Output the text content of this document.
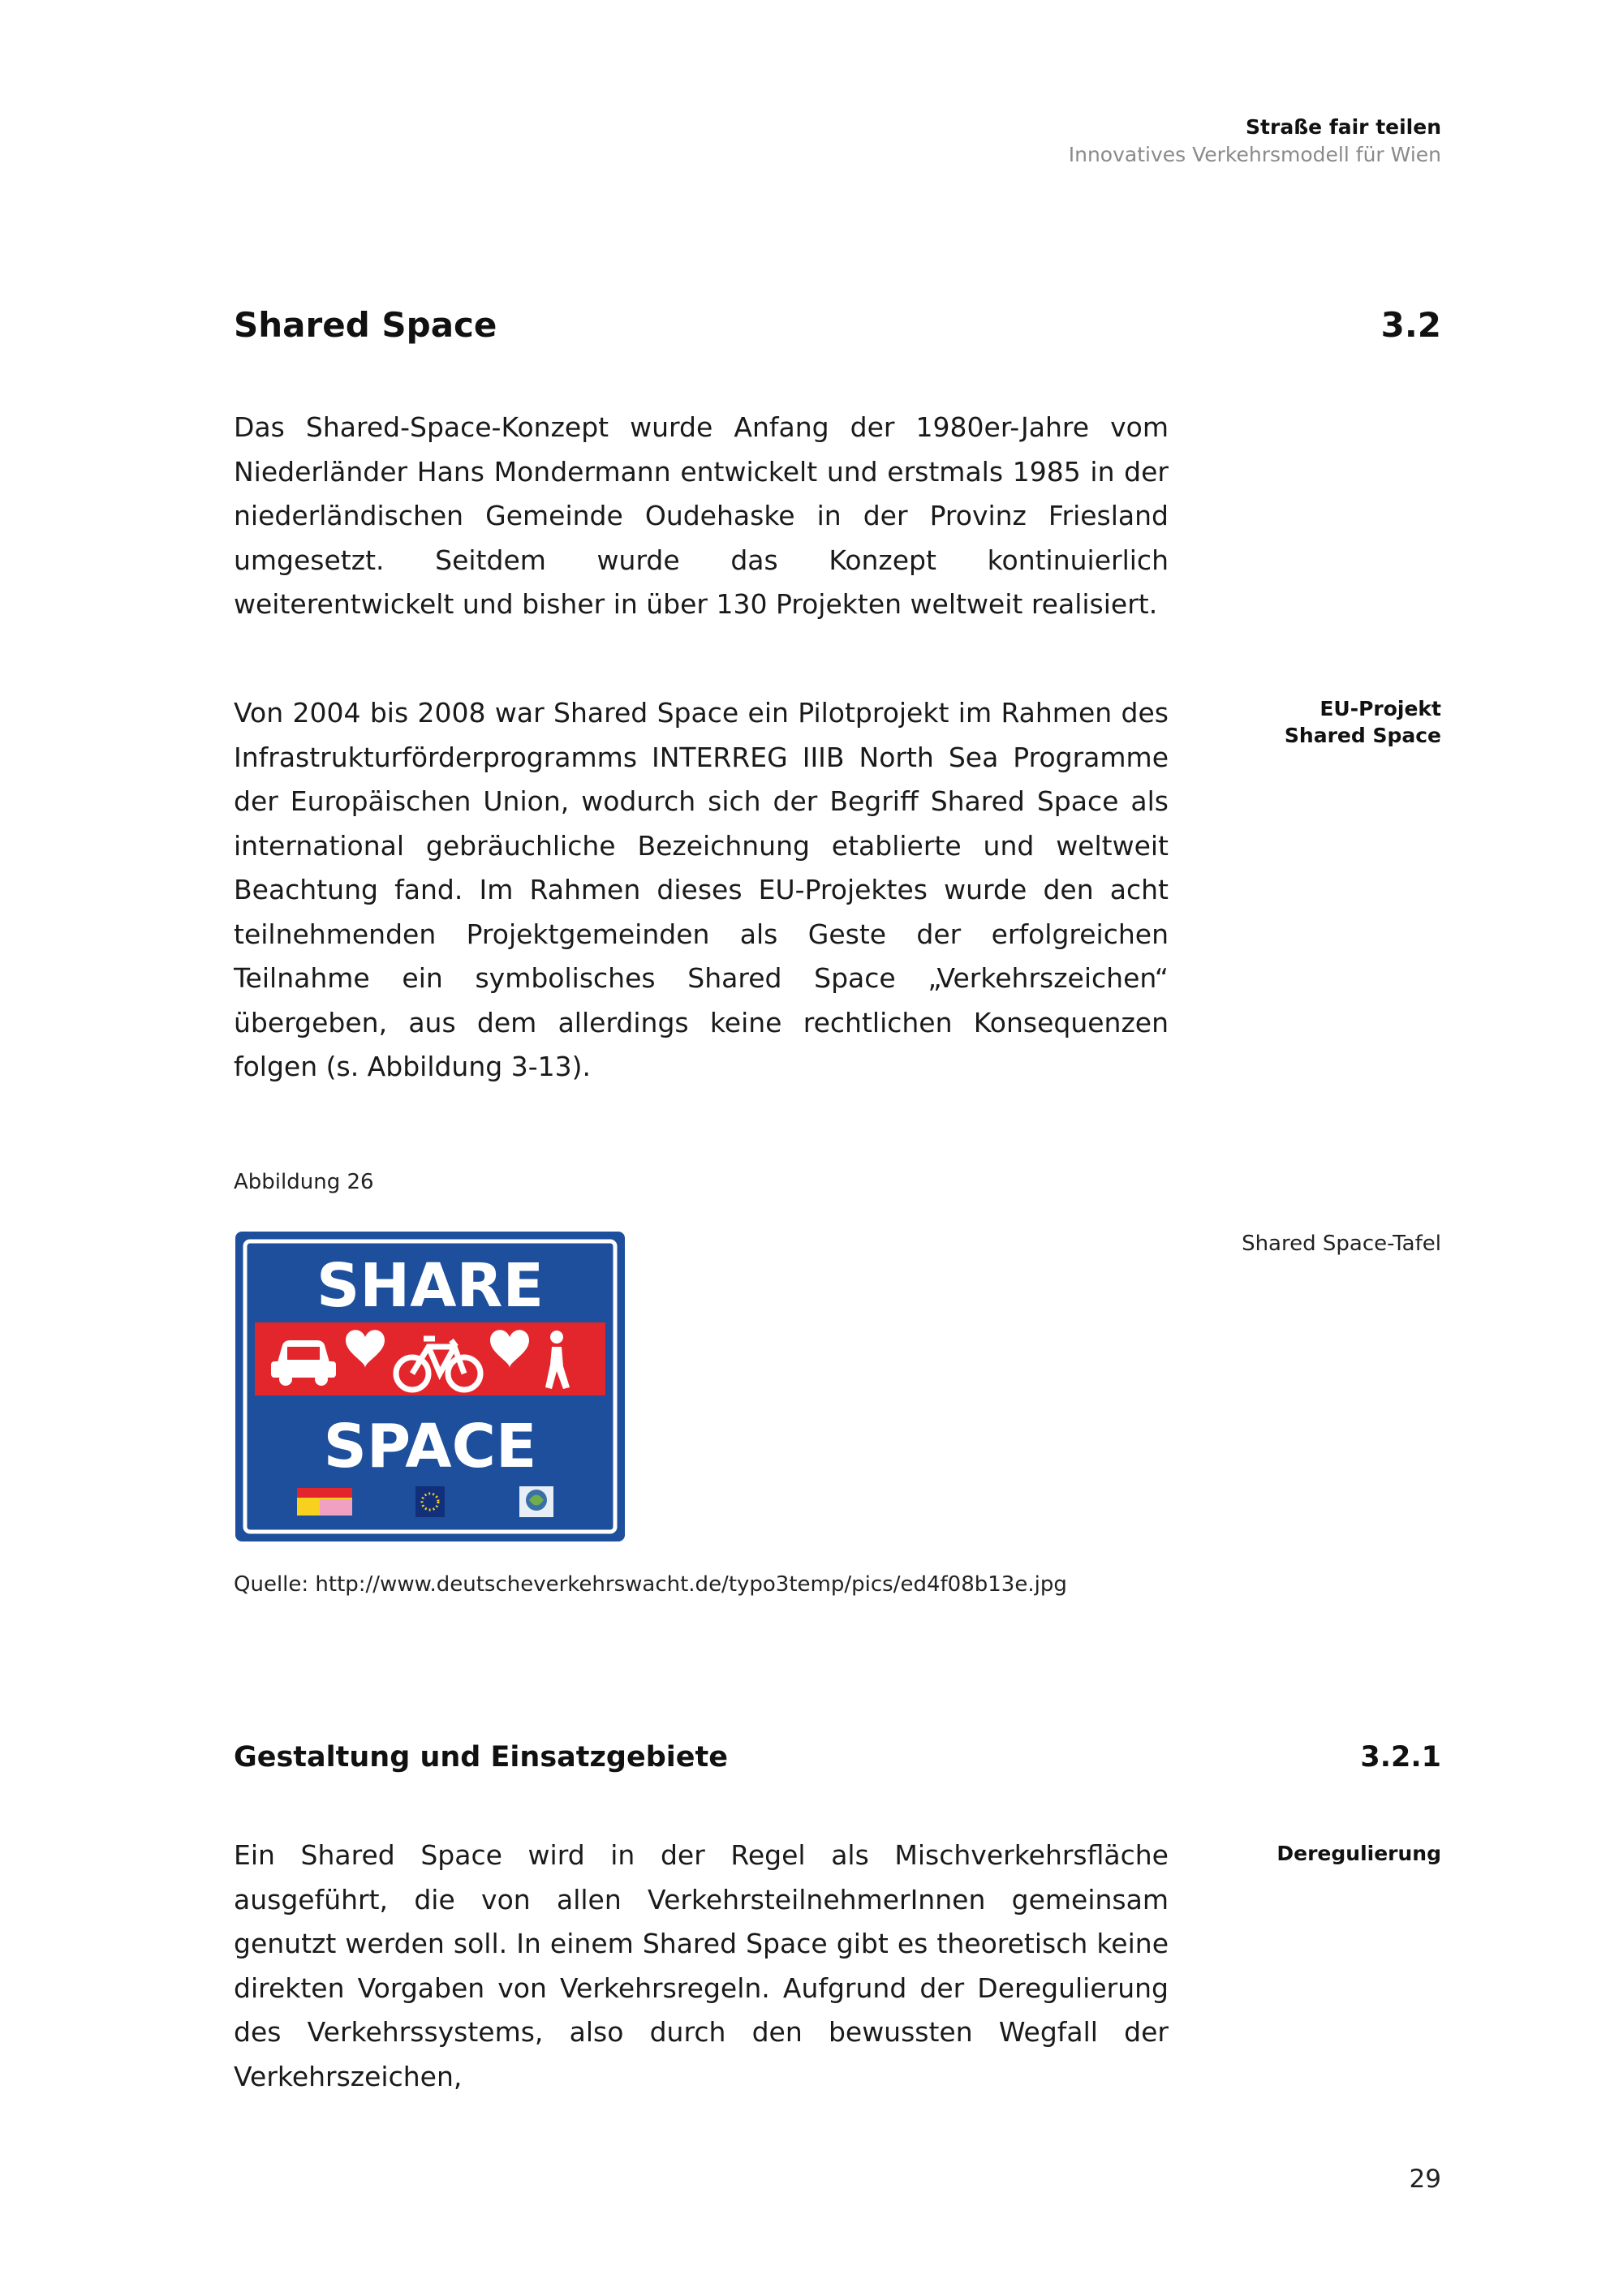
Straße fair teilen
Innovatives Verkehrsmodell für Wien
Shared Space	3.2

Das Shared-Space-Konzept wurde Anfang der 1980er-Jahre vom Niederländer Hans Mondermann entwickelt und erstmals 1985 in der niederländischen Gemeinde Oudehaske in der Provinz Friesland umgesetzt. Seitdem wurde das Konzept kontinuierlich weiterentwickelt und bisher in über 130 Projekten weltweit realisiert.

Von 2004 bis 2008 war Shared Space ein Pilotprojekt im Rahmen des Infrastrukturförderprogramms INTERREG IIIB North Sea Programme der Europäischen Union, wodurch sich der Begriff Shared Space als international gebräuchliche Bezeichnung etablierte und weltweit Beachtung fand. Im Rahmen dieses EU-Projektes wurde den acht teilnehmenden Projektgemeinden als Geste der erfolgreichen Teilnahme ein symbolisches Shared Space „Verkehrszeichen“ übergeben, aus dem allerdings keine rechtlichen Konsequenzen folgen (s. Abbildung 3-13).

EU-Projekt
Shared Space
Abbildung 26
Shared Space-Tafel
SHARE
SPACE
Quelle: http://www.deutscheverkehrswacht.de/typo3temp/pics/ed4f08b13e.jpg
Gestaltung und Einsatzgebiete	3.2.1

Ein Shared Space wird in der Regel als Mischverkehrsfläche ausgeführt, die von allen VerkehrsteilnehmerInnen gemeinsam genutzt werden soll. In einem Shared Space gibt es theoretisch keine direkten Vorgaben von Verkehrsregeln. Aufgrund der Deregulierung des Verkehrssystems, also durch den bewussten Wegfall der Verkehrszeichen,

Deregulierung
29
